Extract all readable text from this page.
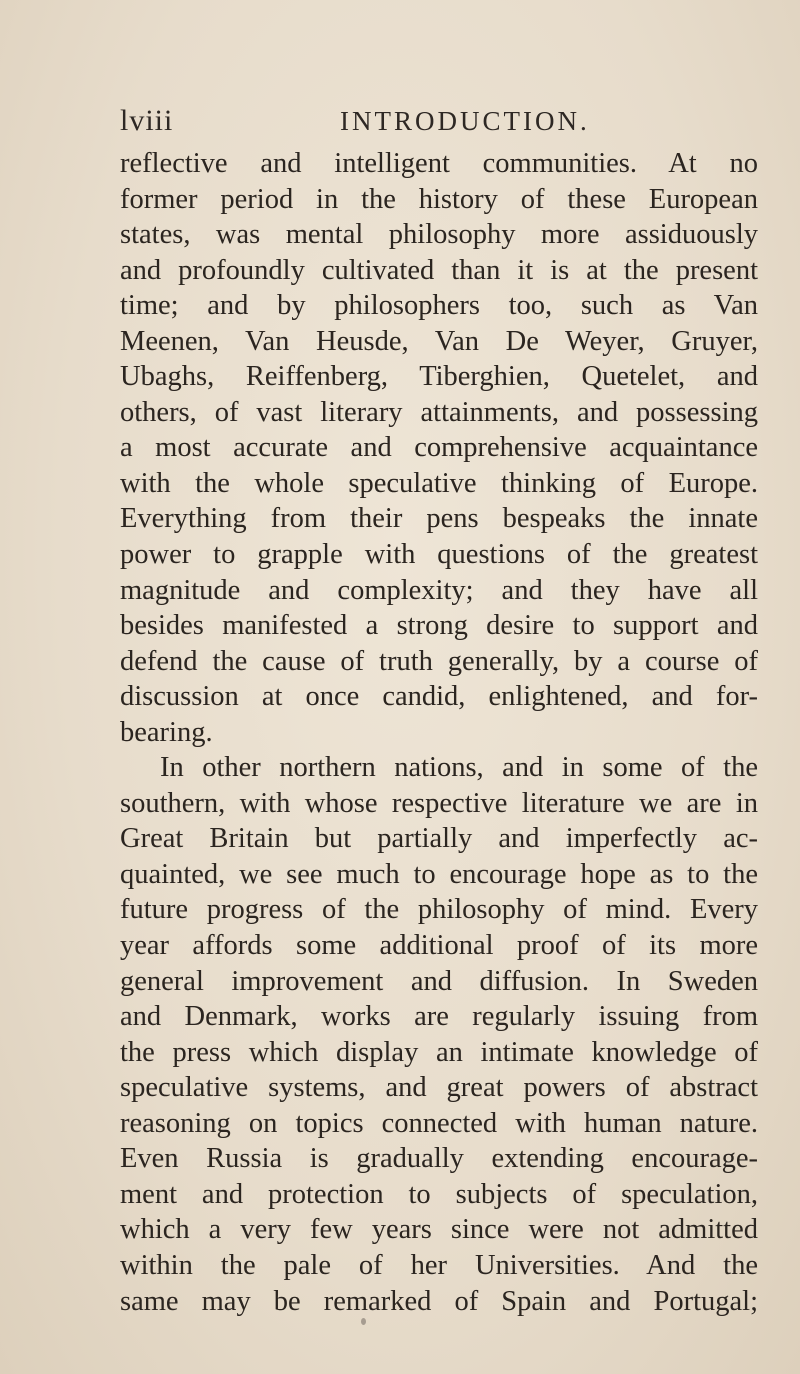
lviii	INTRODUCTION.
reflective and intelligent communities. At no
former period in the history of these European
states, was mental philosophy more assiduously
and profoundly cultivated than it is at the present
time; and by philosophers too, such as Van
Meenen, Van Heusde, Van De Weyer, Gruyer,
Ubaghs, Reiffenberg, Tiberghien, Quetelet, and
others, of vast literary attainments, and possessing
a most accurate and comprehensive acquaintance
with the whole speculative thinking of Europe.
Everything from their pens bespeaks the innate
power to grapple with questions of the greatest
magnitude and complexity; and they have all
besides manifested a strong desire to support and
defend the cause of truth generally, by a course of
discussion at once candid, enlightened, and for-
bearing.
In other northern nations, and in some of the
southern, with whose respective literature we are in
Great Britain but partially and imperfectly ac-
quainted, we see much to encourage hope as to the
future progress of the philosophy of mind. Every
year affords some additional proof of its more
general improvement and diffusion. In Sweden
and Denmark, works are regularly issuing from
the press which display an intimate knowledge of
speculative systems, and great powers of abstract
reasoning on topics connected with human nature.
Even Russia is gradually extending encourage-
ment and protection to subjects of speculation,
which a very few years since were not admitted
within the pale of her Universities. And the
same may be remarked of Spain and Portugal;
